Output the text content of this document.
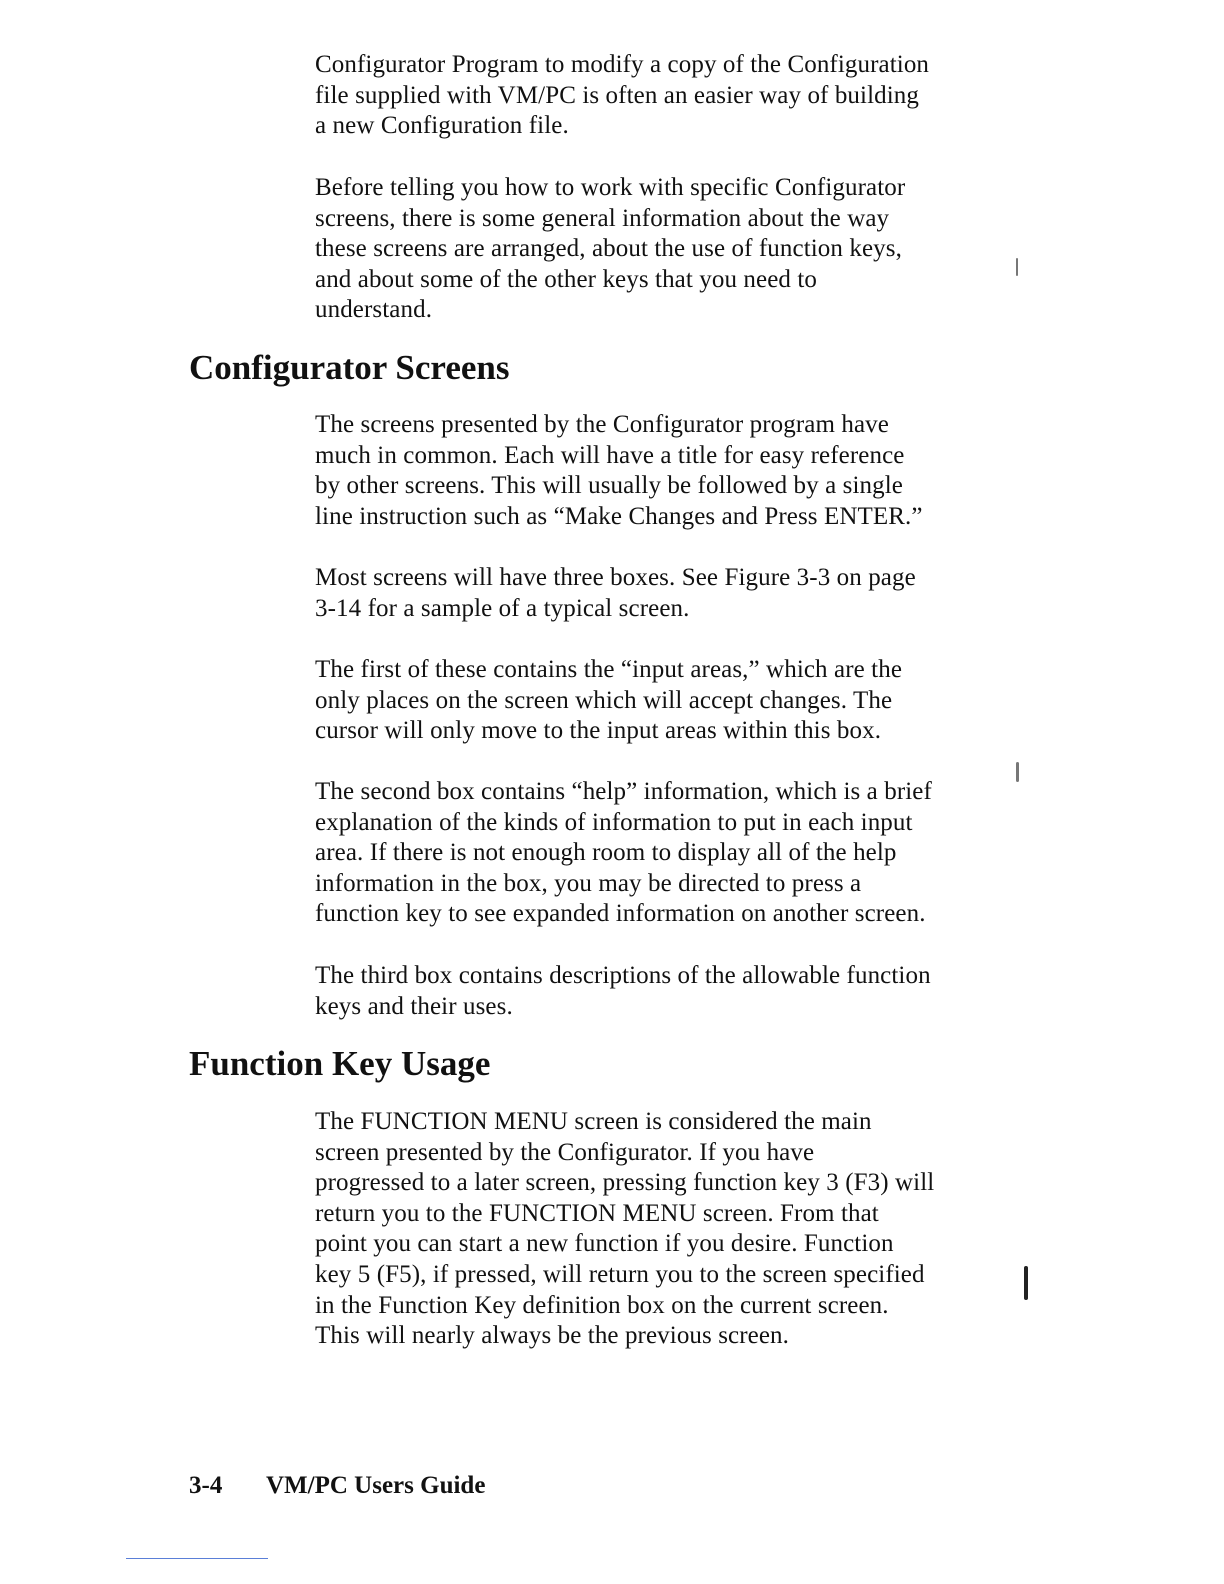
Configurator Program to modify a copy of the Configuration
file supplied with VM/PC is often an easier way of building
a new Configuration file.

Before telling you how to work with specific Configurator
screens, there is some general information about the way
these screens are arranged, about the use of function keys,
and about some of the other keys that you need to
understand.

Configurator Screens

The screens presented by the Configurator program have
much in common. Each will have a title for easy reference
by other screens. This will usually be followed by a single
line instruction such as “Make Changes and Press ENTER.”

Most screens will have three boxes. See Figure 3-3 on page
3-14 for a sample of a typical screen.

The first of these contains the “input areas,” which are the
only places on the screen which will accept changes. The
cursor will only move to the input areas within this box.

The second box contains “help” information, which is a brief
explanation of the kinds of information to put in each input
area. If there is not enough room to display all of the help
information in the box, you may be directed to press a
function key to see expanded information on another screen.

The third box contains descriptions of the allowable function
keys and their uses.

Function Key Usage

The FUNCTION MENU screen is considered the main
screen presented by the Configurator. If you have
progressed to a later screen, pressing function key 3 (F3) will
return you to the FUNCTION MENU screen. From that
point you can start a new function if you desire. Function
key 5 (F5), if pressed, will return you to the screen specified
in the Function Key definition box on the current screen.
This will nearly always be the previous screen.

3-4 VM/PC Users Guide
